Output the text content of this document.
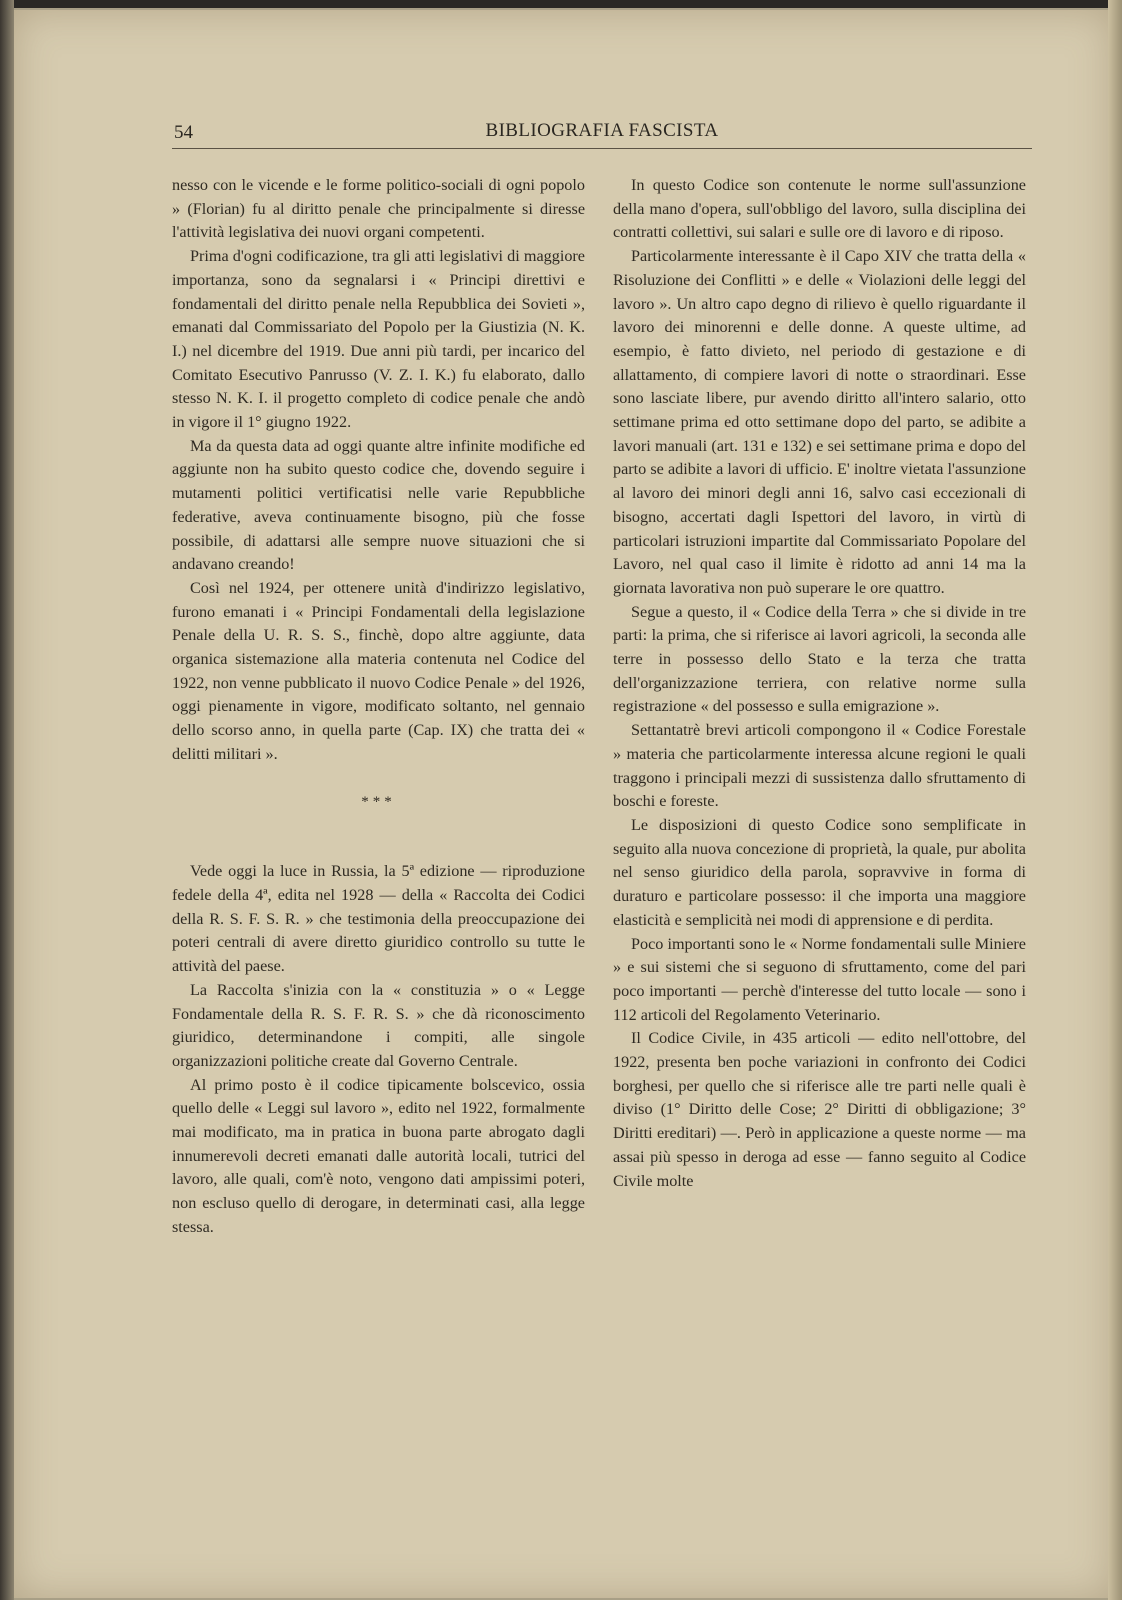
54	BIBLIOGRAFIA FASCISTA

nesso con le vicende e le forme politico-sociali di ogni popolo » (Florian) fu al diritto penale che principalmente si diresse l'attività legislativa dei nuovi organi competenti.

Prima d'ogni codificazione, tra gli atti legislativi di maggiore importanza, sono da segnalarsi i « Principi direttivi e fondamentali del diritto penale nella Repubblica dei Sovieti », emanati dal Commissariato del Popolo per la Giustizia (N. K. I.) nel dicembre del 1919. Due anni più tardi, per incarico del Comitato Esecutivo Panrusso (V. Z. I. K.) fu elaborato, dallo stesso N. K. I. il progetto completo di codice penale che andò in vigore il 1° giugno 1922.

Ma da questa data ad oggi quante altre infinite modifiche ed aggiunte non ha subito questo codice che, dovendo seguire i mutamenti politici vertificatisi nelle varie Repubbliche federative, aveva continuamente bisogno, più che fosse possibile, di adattarsi alle sempre nuove situazioni che si andavano creando!

Così nel 1924, per ottenere unità d'indirizzo legislativo, furono emanati i « Principi Fondamentali della legislazione Penale della U. R. S. S., finchè, dopo altre aggiunte, data organica sistemazione alla materia contenuta nel Codice del 1922, non venne pubblicato il nuovo Codice Penale » del 1926, oggi pienamente in vigore, modificato soltanto, nel gennaio dello scorso anno, in quella parte (Cap. IX) che tratta dei « delitti militari ».

***

Vede oggi la luce in Russia, la 5ª edizione — riproduzione fedele della 4ª, edita nel 1928 — della « Raccolta dei Codici della R. S. F. S. R. » che testimonia della preoccupazione dei poteri centrali di avere diretto giuridico controllo su tutte le attività del paese.

La Raccolta s'inizia con la « constituzia » o « Legge Fondamentale della R. S. F. R. S. » che dà riconoscimento giuridico, determinandone i compiti, alle singole organizzazioni politiche create dal Governo Centrale.

Al primo posto è il codice tipicamente bolscevico, ossia quello delle « Leggi sul lavoro », edito nel 1922, formalmente mai modificato, ma in pratica in buona parte abrogato dagli innumerevoli decreti emanati dalle autorità locali, tutrici del lavoro, alle quali, com'è noto, vengono dati ampissimi poteri, non escluso quello di derogare, in determinati casi, alla legge stessa.

In questo Codice son contenute le norme sull'assunzione della mano d'opera, sull'obbligo del lavoro, sulla disciplina dei contratti collettivi, sui salari e sulle ore di lavoro e di riposo.

Particolarmente interessante è il Capo XIV che tratta della « Risoluzione dei Conflitti » e delle « Violazioni delle leggi del lavoro ». Un altro capo degno di rilievo è quello riguardante il lavoro dei minorenni e delle donne. A queste ultime, ad esempio, è fatto divieto, nel periodo di gestazione e di allattamento, di compiere lavori di notte o straordinari. Esse sono lasciate libere, pur avendo diritto all'intero salario, otto settimane prima ed otto settimane dopo del parto, se adibite a lavori manuali (art. 131 e 132) e sei settimane prima e dopo del parto se adibite a lavori di ufficio. E' inoltre vietata l'assunzione al lavoro dei minori degli anni 16, salvo casi eccezionali di bisogno, accertati dagli Ispettori del lavoro, in virtù di particolari istruzioni impartite dal Commissariato Popolare del Lavoro, nel qual caso il limite è ridotto ad anni 14 ma la giornata lavorativa non può superare le ore quattro.

Segue a questo, il « Codice della Terra » che si divide in tre parti: la prima, che si riferisce ai lavori agricoli, la seconda alle terre in possesso dello Stato e la terza che tratta dell'organizzazione terriera, con relative norme sulla registrazione « del possesso e sulla emigrazione ».

Settantatrè brevi articoli compongono il « Codice Forestale » materia che particolarmente interessa alcune regioni le quali traggono i principali mezzi di sussistenza dallo sfruttamento di boschi e foreste.

Le disposizioni di questo Codice sono semplificate in seguito alla nuova concezione di proprietà, la quale, pur abolita nel senso giuridico della parola, sopravvive in forma di duraturo e particolare possesso: il che importa una maggiore elasticità e semplicità nei modi di apprensione e di perdita.

Poco importanti sono le « Norme fondamentali sulle Miniere » e sui sistemi che si seguono di sfruttamento, come del pari poco importanti — perchè d'interesse del tutto locale — sono i 112 articoli del Regolamento Veterinario.

Il Codice Civile, in 435 articoli — edito nell'ottobre, del 1922, presenta ben poche variazioni in confronto dei Codici borghesi, per quello che si riferisce alle tre parti nelle quali è diviso (1° Diritto delle Cose; 2° Diritti di obbligazione; 3° Diritti ereditari) —. Però in applicazione a queste norme — ma assai più spesso in deroga ad esse — fanno seguito al Codice Civile molte
